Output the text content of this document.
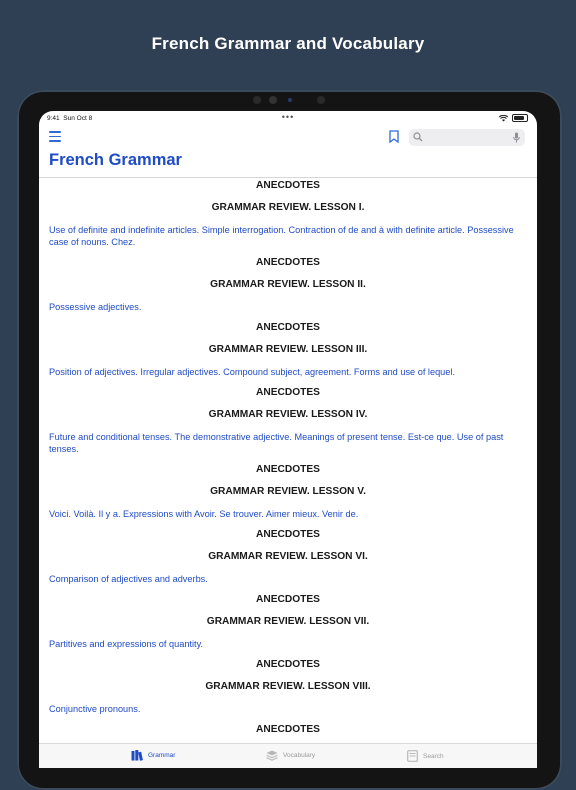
French Grammar and Vocabulary
9:41 Sun Oct 8	•••
French Grammar
ANECDOTES
GRAMMAR REVIEW. LESSON I.
Use of definite and indefinite articles. Simple interrogation. Contraction of de and à with definite article. Possessive case of nouns. Chez.
ANECDOTES
GRAMMAR REVIEW. LESSON II.
Possessive adjectives.
ANECDOTES
GRAMMAR REVIEW. LESSON III.
Position of adjectives. Irregular adjectives. Compound subject, agreement. Forms and use of lequel.
ANECDOTES
GRAMMAR REVIEW. LESSON IV.
Future and conditional tenses. The demonstrative adjective. Meanings of present tense. Est-ce que. Use of past tenses.
ANECDOTES
GRAMMAR REVIEW. LESSON V.
Voici. Voilà. Il y a. Expressions with Avoir. Se trouver. Aimer mieux. Venir de.
ANECDOTES
GRAMMAR REVIEW. LESSON VI.
Comparison of adjectives and adverbs.
ANECDOTES
GRAMMAR REVIEW. LESSON VII.
Partitives and expressions of quantity.
ANECDOTES
GRAMMAR REVIEW. LESSON VIII.
Conjunctive pronouns.
ANECDOTES
Grammar	Vocabulary	Search
